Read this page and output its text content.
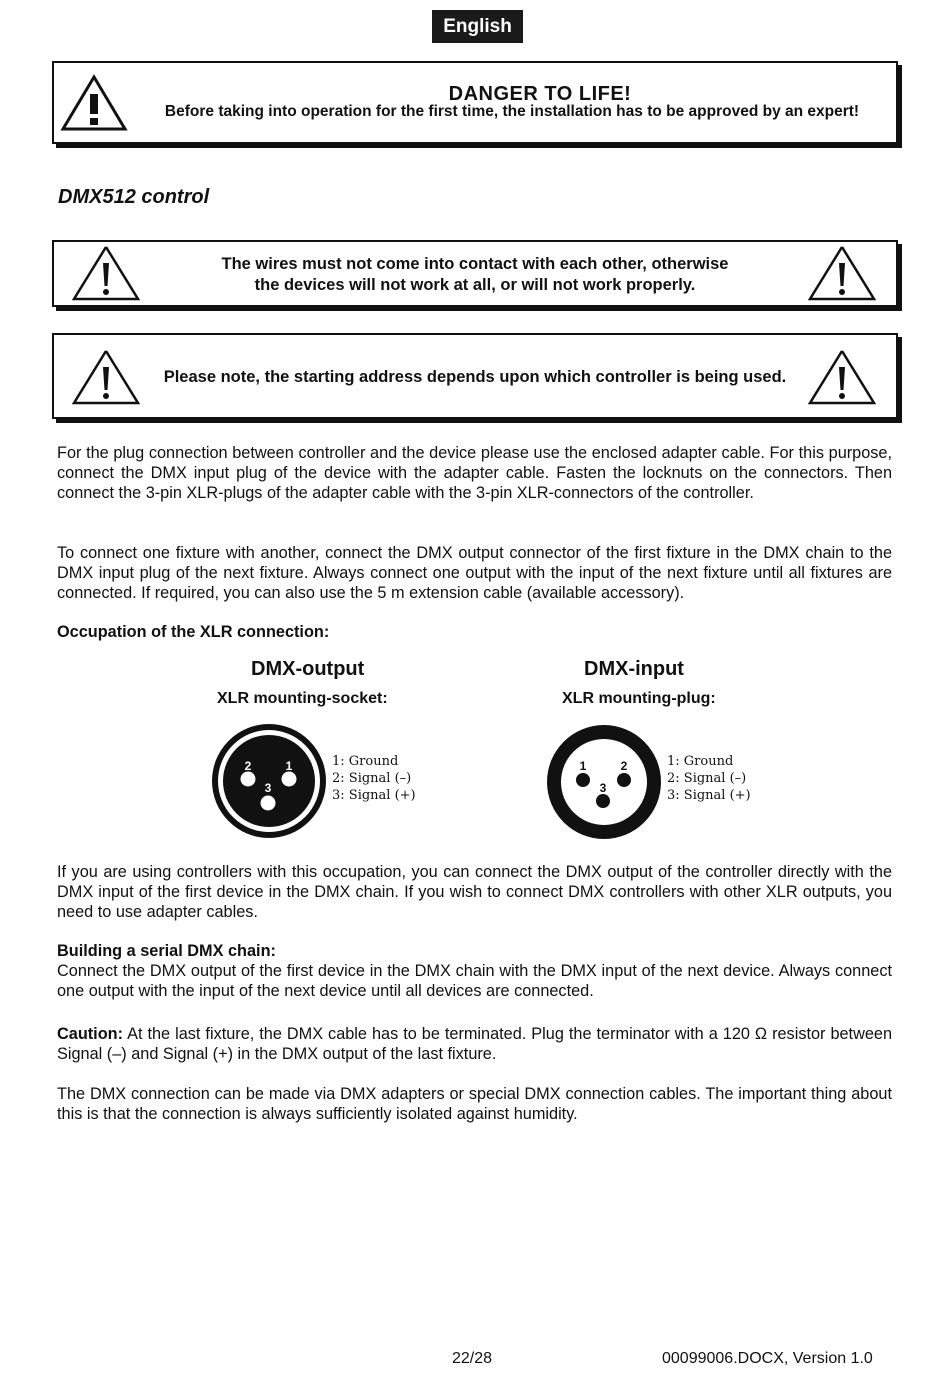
English
DANGER TO LIFE!
Before taking into operation for the first time, the installation has to be approved by an expert!
DMX512 control
The wires must not come into contact with each other, otherwise
the devices will not work at all, or will not work properly.
Please note, the starting address depends upon which controller is being used.

For the plug connection between controller and the device please use the enclosed adapter cable. For this purpose, connect the DMX input plug of the device with the adapter cable. Fasten the locknuts on the connectors. Then connect the 3-pin XLR-plugs of the adapter cable with the 3-pin XLR-connectors of the controller.

To connect one fixture with another, connect the DMX output connector of the first fixture in the DMX chain to the DMX input plug of the next fixture. Always connect one output with the input of the next fixture until all fixtures are connected. If required, you can also use the 5 m extension cable (available accessory).

Occupation of the XLR connection:
DMX-output
XLR mounting-socket:
2	1
3
1: Ground
2: Signal (–)
3: Signal (+)
DMX-input
XLR mounting-plug:
1	2
3
1: Ground
2: Signal (–)
3: Signal (+)

If you are using controllers with this occupation, you can connect the DMX output of the controller directly with the DMX input of the first device in the DMX chain. If you wish to connect DMX controllers with other XLR outputs, you need to use adapter cables.

Building a serial DMX chain:

Connect the DMX output of the first device in the DMX chain with the DMX input of the next device. Always connect one output with the input of the next device until all devices are connected.

Caution: At the last fixture, the DMX cable has to be terminated. Plug the terminator with a 120 Ω resistor between Signal (–) and Signal (+) in the DMX output of the last fixture.

The DMX connection can be made via DMX adapters or special DMX connection cables. The important thing about this is that the connection is always sufficiently isolated against humidity.

22/28	00099006.DOCX, Version 1.0
